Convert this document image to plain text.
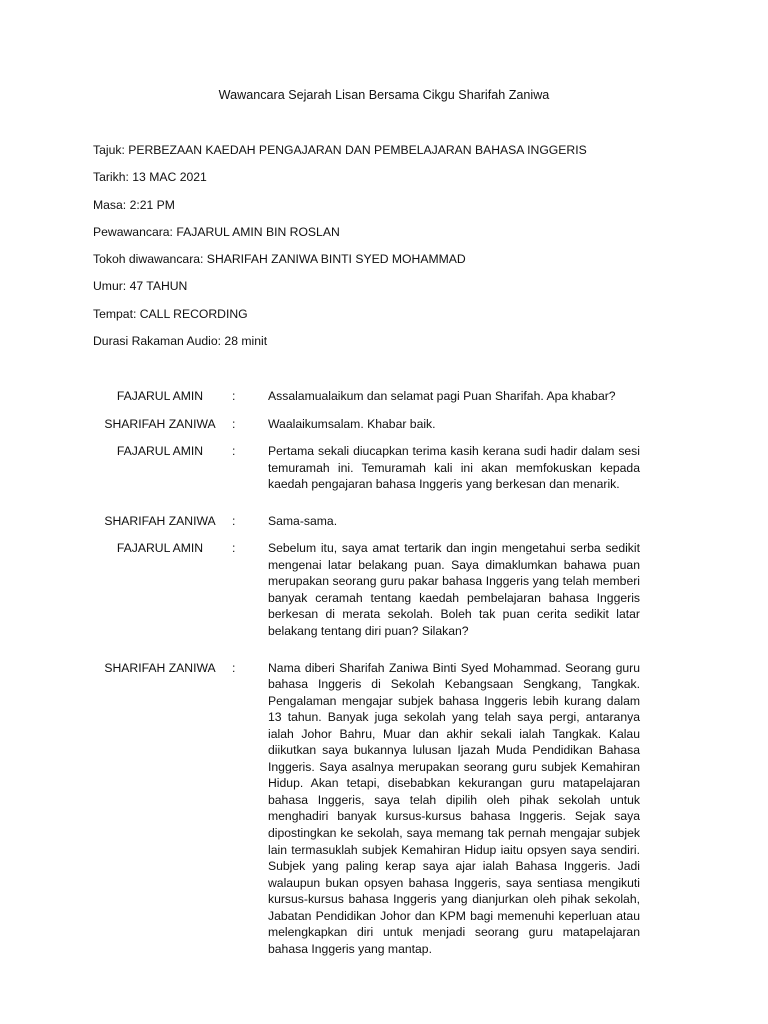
Wawancara Sejarah Lisan Bersama Cikgu Sharifah Zaniwa
Tajuk: PERBEZAAN KAEDAH PENGAJARAN DAN PEMBELAJARAN BAHASA INGGERIS
Tarikh: 13 MAC 2021
Masa: 2:21 PM
Pewawancara: FAJARUL AMIN BIN ROSLAN
Tokoh diwawancara: SHARIFAH ZANIWA BINTI SYED MOHAMMAD
Umur: 47 TAHUN
Tempat: CALL RECORDING
Durasi Rakaman Audio: 28 minit
FAJARUL AMIN	:	Assalamualaikum dan selamat pagi Puan Sharifah. Apa khabar?
SHARIFAH ZANIWA	:	Waalaikumsalam. Khabar baik.
FAJARUL AMIN	:	Pertama sekali diucapkan terima kasih kerana sudi hadir dalam sesi temuramah ini. Temuramah kali ini akan memfokuskan kepada kaedah pengajaran bahasa Inggeris yang berkesan dan menarik.
SHARIFAH ZANIWA	:	Sama-sama.
FAJARUL AMIN	:	Sebelum itu, saya amat tertarik dan ingin mengetahui serba sedikit mengenai latar belakang puan. Saya dimaklumkan bahawa puan merupakan seorang guru pakar bahasa Inggeris yang telah memberi banyak ceramah tentang kaedah pembelajaran bahasa Inggeris berkesan di merata sekolah. Boleh tak puan cerita sedikit latar belakang tentang diri puan? Silakan?
SHARIFAH ZANIWA	:	Nama diberi Sharifah Zaniwa Binti Syed Mohammad. Seorang guru bahasa Inggeris di Sekolah Kebangsaan Sengkang, Tangkak. Pengalaman mengajar subjek bahasa Inggeris lebih kurang dalam 13 tahun. Banyak juga sekolah yang telah saya pergi, antaranya ialah Johor Bahru, Muar dan akhir sekali ialah Tangkak. Kalau diikutkan saya bukannya lulusan Ijazah Muda Pendidikan Bahasa Inggeris. Saya asalnya merupakan seorang guru subjek Kemahiran Hidup. Akan tetapi, disebabkan kekurangan guru matapelajaran bahasa Inggeris, saya telah dipilih oleh pihak sekolah untuk menghadiri banyak kursus-kursus bahasa Inggeris. Sejak saya dipostingkan ke sekolah, saya memang tak pernah mengajar subjek lain termasuklah subjek Kemahiran Hidup iaitu opsyen saya sendiri. Subjek yang paling kerap saya ajar ialah Bahasa Inggeris. Jadi walaupun bukan opsyen bahasa Inggeris, saya sentiasa mengikuti kursus-kursus bahasa Inggeris yang dianjurkan oleh pihak sekolah, Jabatan Pendidikan Johor dan KPM bagi memenuhi keperluan atau melengkapkan diri untuk menjadi seorang guru matapelajaran bahasa Inggeris yang mantap.
